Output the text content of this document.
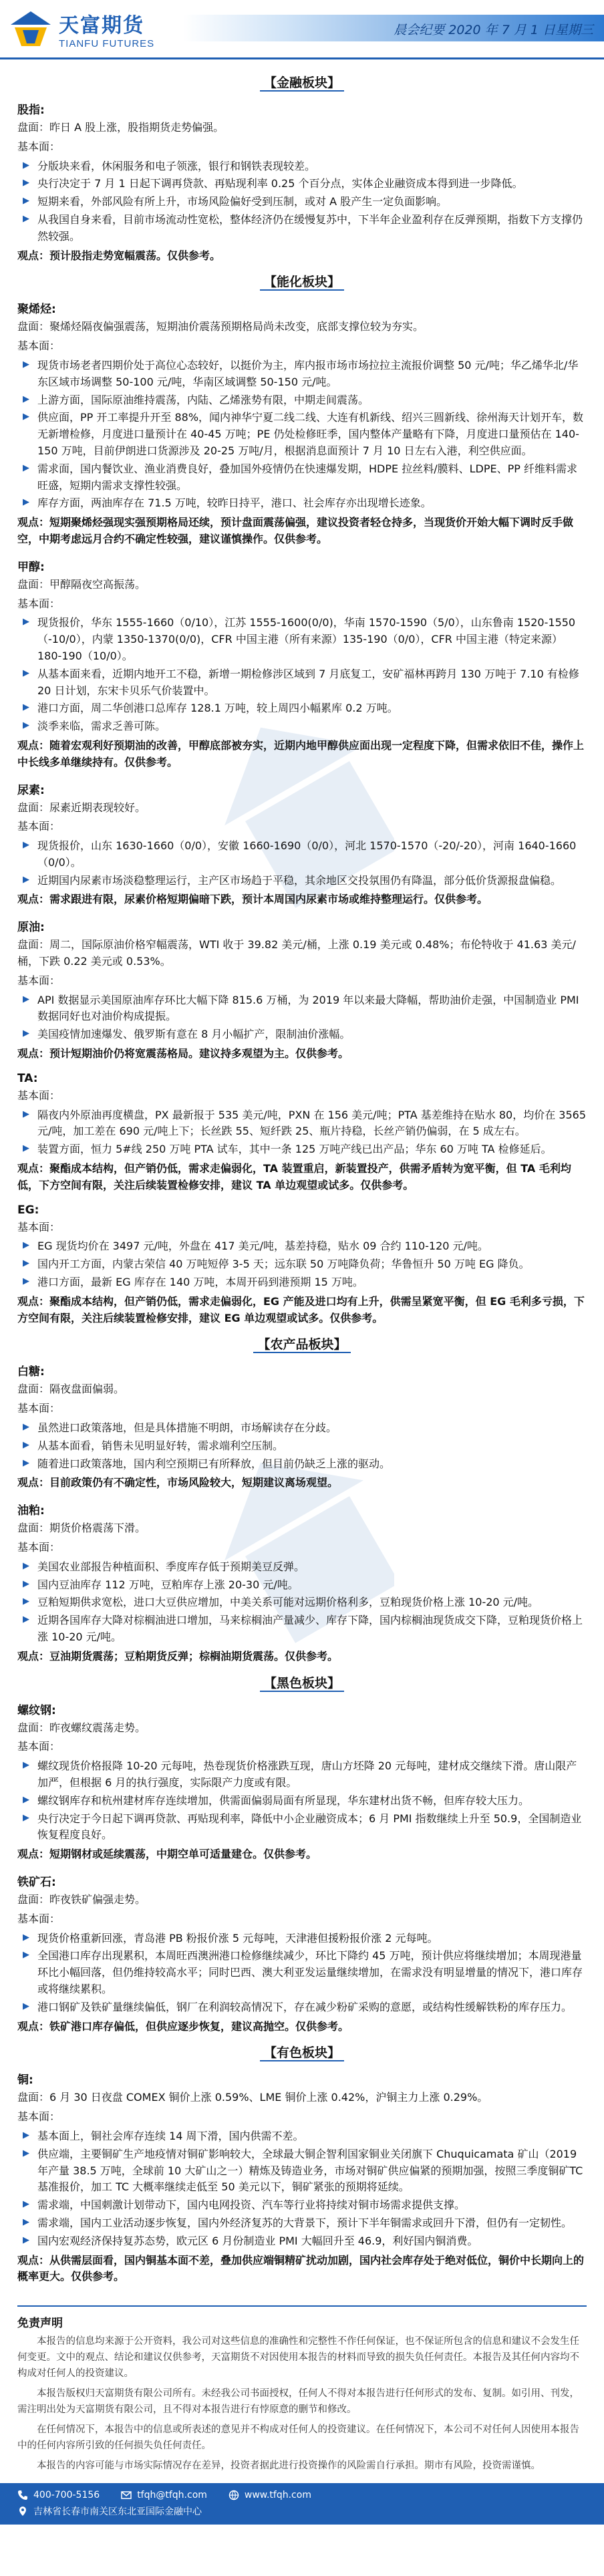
天富期货
TIANFU FUTURES
晨会纪要 2020 年 7 月 1 日星期三
【金融板块】
股指:

盘面：昨日 A 股上涨，股指期货走势偏强。

基本面：

▶ 分版块来看，休闲服务和电子领涨，银行和钢铁表现较差。
▶ 央行决定于 7 月 1 日起下调再贷款、再贴现利率 0.25 个百分点，实体企业融资成本得到进一步降低。
▶ 短期来看，外部风险有所上升，市场风险偏好受到压制，或对 A 股产生一定负面影响。
▶ 从我国自身来看，目前市场流动性宽松，整体经济仍在缓慢复苏中，下半年企业盈利存在反弹预期，指数下方支撑仍然较强。
观点：预计股指走势宽幅震荡。仅供参考。
【能化板块】
聚烯烃:

盘面：聚烯烃隔夜偏强震荡，短期油价震荡预期格局尚未改变，底部支撑位较为夯实。

基本面：

▶ 现货市场老者四期价处于高位心态较好，以挺价为主，库内报市场市场拉拉主流报价调整 50 元/吨；华乙烯华北/华东区域市场调整 50-100 元/吨，华南区域调整 50-150 元/吨。
▶ 上游方面，国际原油维持震荡，内陆、乙烯涨势有限，中期走间震荡。
▶ 供应面，PP 开工率提升开至 88%，闻内神华宁夏二线二线、大连有机新线、绍兴三圆新线、徐州海天计划开车，数无新增检修，月度进口量预计在 40-45 万吨；PE 仍处检修旺季，国内整体产量略有下降，月度进口量预估在 140-150 万吨，目前伊朗进口货源涉及 20-25 万吨/月，根据消息面预计 7 月 10 日左右入港，利空供应面。
▶ 需求面，国内餐饮业、渔业消费良好，叠加国外疫情仍在快速爆发期，HDPE 拉丝料/膜料、LDPE、PP 纤维料需求旺盛，短期内需求支撑性较强。
▶ 库存方面，两油库存在 71.5 万吨，较昨日持平，港口、社会库存亦出现增长迹象。
观点：短期聚烯烃强现实强预期格局还续，预计盘面震荡偏强，建议投资者轻仓持多，当现货价开始大幅下调时反手做空，中期考虑远月合约不确定性较强，建议谨慎操作。仅供参考。
甲醇:

盘面：甲醇隔夜空高振荡。

基本面：

▶ 现货报价，华东 1555-1660（0/10），江苏 1555-1600(0/0)，华南 1570-1590（5/0），山东鲁南 1520-1550（-10/0），内蒙 1350-1370(0/0)，CFR 中国主港（所有来源）135-190（0/0），CFR 中国主港（特定来源）180-190（10/0）。
▶ 从基本面来看，近期内地开工不稳，新增一期检修涉区域到 7 月底复工，安矿福林再跨月 130 万吨于 7.10 有检修 20 日计划，东宋卡贝乐气价装置中。
▶ 港口方面，周二华创港口总库存 128.1 万吨，较上周四小幅累库 0.2 万吨。
▶ 淡季来临，需求乏善可陈。
观点：随着宏观利好预期油的改善，甲醇底部被夯实，近期内地甲醇供应面出现一定程度下降，但需求依旧不佳，操作上中长线多单继续持有。仅供参考。
尿素:

盘面：尿素近期表现较好。

基本面：

▶ 现货报价，山东 1630-1660（0/0），安徽 1660-1690（0/0），河北 1570-1570（-20/-20），河南 1640-1660（0/0）。
▶ 近期国内尿素市场淡稳整理运行，主产区市场趋于平稳，其余地区交投氛围仍有降温，部分低价货源报盘偏稳。
观点：需求跟进有限，尿素价格短期偏暗下跌，预计本周国内尿素市场或维持整理运行。仅供参考。
原油:

盘面：周二，国际原油价格窄幅震荡，WTI 收于 39.82 美元/桶，上涨 0.19 美元或 0.48%；布伦特收于 41.63 美元/桶，下跌 0.22 美元或 0.53%。

基本面：

▶ API 数据显示美国原油库存环比大幅下降 815.6 万桶，为 2019 年以来最大降幅，帮助油价走强，中国制造业 PMI 数据同好也对油价构成提振。
▶ 美国疫情加速爆发、俄罗斯有意在 8 月小幅扩产，限制油价涨幅。
观点：预计短期油价仍将宽震荡格局。建议持多观望为主。仅供参考。
TA:

基本面：

▶ 隔夜内外原油再度横盘，PX 最新报于 535 美元/吨，PXN 在 156 美元/吨；PTA 基差维持在贴水 80，均价在 3565 元/吨，加工差在 690 元/吨上下；长丝跌 55、短纤跌 25、瓶片持稳，长丝产销仍偏弱，在 5 成左右。
▶ 装置方面，恒力 5#线 250 万吨 PTA 试车，其中一条 125 万吨产线已出产品；华东 60 万吨 TA 检修延后。
观点：聚酯成本结构，但产销仍低，需求走偏弱化，TA 装置重启，新装置投产，供需矛盾转为宽平衡，但 TA 毛利均低，下方空间有限，关注后续装置检修安排，建议 TA 单边观望或试多。仅供参考。
EG:

基本面：

▶ EG 现货均价在 3497 元/吨，外盘在 417 美元/吨，基差持稳，贴水 09 合约 110-120 元/吨。
▶ 国内开工方面，内蒙古荣信 40 万吨短停 3-5 天；远东联 50 万吨降负荷；华鲁恒升 50 万吨 EG 降负。
▶ 港口方面，最新 EG 库存在 140 万吨，本周开码到港预期 15 万吨。
观点：聚酯成本结构，但产销仍低，需求走偏弱化，EG 产能及进口均有上升，供需呈紧宽平衡，但 EG 毛利多亏损，下方空间有限，关注后续装置检修安排，建议 EG 单边观望或试多。仅供参考。
【农产品板块】
白糖:

盘面：隔夜盘面偏弱。

基本面：

▶ 虽然进口政策落地，但是具体措施不明朗，市场解读存在分歧。
▶ 从基本面看，销售未见明显好转，需求端利空压制。
▶ 随着进口政策落地，国内利空预期已有所释放，但目前仍缺乏上涨的驱动。
观点：目前政策仍有不确定性，市场风险较大，短期建议离场观望。
油粕:

盘面：期货价格震荡下滑。

基本面：

▶ 美国农业部报告种植面积、季度库存低于预期美豆反弹。
▶ 国内豆油库存 112 万吨，豆粕库存上涨 20-30 元/吨。
▶ 豆粕短期供求宽松，进口大豆供应增加，中美关系可能对远期价格利多，豆粕现货价格上涨 10-20 元/吨。
▶ 近期各国库存大降对棕榈油进口增加，马来棕榈油产量减少、库存下降，国内棕榈油现货成交下降，豆粕现货价格上涨 10-20 元/吨。
观点：豆油期货震荡；豆粕期货反弹；棕榈油期货震荡。仅供参考。
【黑色板块】
螺纹钢:

盘面：昨夜螺纹震荡走势。

基本面：

▶ 螺纹现货价格报降 10-20 元每吨，热卷现货价格涨跌互现，唐山方坯降 20 元每吨，建材成交继续下滑。唐山限产加严，但根据 6 月的执行强度，实际限产力度或有限。
▶ 螺纹钢库存和杭州建材库存连续增加，供需面偏弱局面有所显现，华东建材出货不畅，但库存较大压力。
▶ 央行决定于今日起下调再贷款、再贴现利率，降低中小企业融资成本；6 月 PMI 指数继续上升至 50.9，全国制造业恢复程度良好。
观点：短期钢材或延续震荡，中期空单可适量建仓。仅供参考。
铁矿石:

盘面：昨夜铁矿偏强走势。

基本面：

▶ 现货价格重新回涨，青岛港 PB 粉报价涨 5 元每吨，天津港但援粉报价涨 2 元每吨。
▶ 全国港口库存出现累积，本周旺西澳洲港口检修继续减少，环比下降约 45 万吨，预计供应将继续增加；本周现港量环比小幅回落，但仍维持较高水平；同时巴西、澳大利亚发运量继续增加，在需求没有明显增量的情况下，港口库存或将继续累积。
▶ 港口钢矿及铁矿量继续偏低，钢厂在利润较高情况下，存在减少粉矿采购的意愿，或结构性缓解铁粉的库存压力。
观点：铁矿港口库存偏低，但供应逐步恢复，建议高抛空。仅供参考。
【有色板块】
铜:

盘面：6 月 30 日夜盘 COMEX 铜价上涨 0.59%、LME 铜价上涨 0.42%，沪铜主力上涨 0.29%。

基本面：

▶ 基本面上，铜社会库存连续 14 周下滑，国内供需不差。
▶ 供应端，主要铜矿生产地疫情对铜矿影响较大，全球最大铜企智利国家铜业关闭旗下 Chuquicamata 矿山（2019 年产量 38.5 万吨，全球前 10 大矿山之一）精炼及铸造业务，市场对铜矿供应偏紧的预期加强，按照三季度铜矿TC 基准报价，加工 TC 大概率继续走低至 50 美元以下，铜矿紧张的预期将延续。
▶ 需求端，中国刺激计划带动下，国内电网投资、汽车等行业将持续对铜市场需求提供支撑。
▶ 需求端，国内工业活动逐步恢复，国内外经济复苏的大背景下，预计下半年铜需求或回升下滑，但仍有一定韧性。
▶ 国内宏观经济保持复苏态势，欧元区 6 月份制造业 PMI 大幅回升至 46.9，利好国内铜消费。
观点：从供需层面看，国内铜基本面不差，叠加供应端铜精矿扰动加剧，国内社会库存处于绝对低位，铜价中长期向上的概率更大。仅供参考。
免责声明

本报告的信息均来源于公开资料，我公司对这些信息的准确性和完整性不作任何保证，也不保证所包含的信息和建议不会发生任何变更。文中的观点、结论和建议仅供参考，天富期货不对因使用本报告的材料而导致的损失负任何责任。本报告及其任何内容均不构成对任何人的投资建议。

本报告版权归天富期货有限公司所有。未经我公司书面授权，任何人不得对本报告进行任何形式的发布、复制。如引用、刊发，需注明出处为天富期货有限公司，且不得对本报告进行有悖原意的删节和修改。

在任何情况下，本报告中的信息或所表述的意见并不构成对任何人的投资建议。在任何情况下，本公司不对任何人因使用本报告中的任何内容所引致的任何损失负任何责任。

本报告的内容可能与市场实际情况存在差异，投资者据此进行投资操作的风险需自行承担。期市有风险，投资需谨慎。

400-700-5156	tfqh@tfqh.com	www.tfqh.com
吉林省长春市南关区东北亚国际金融中心
